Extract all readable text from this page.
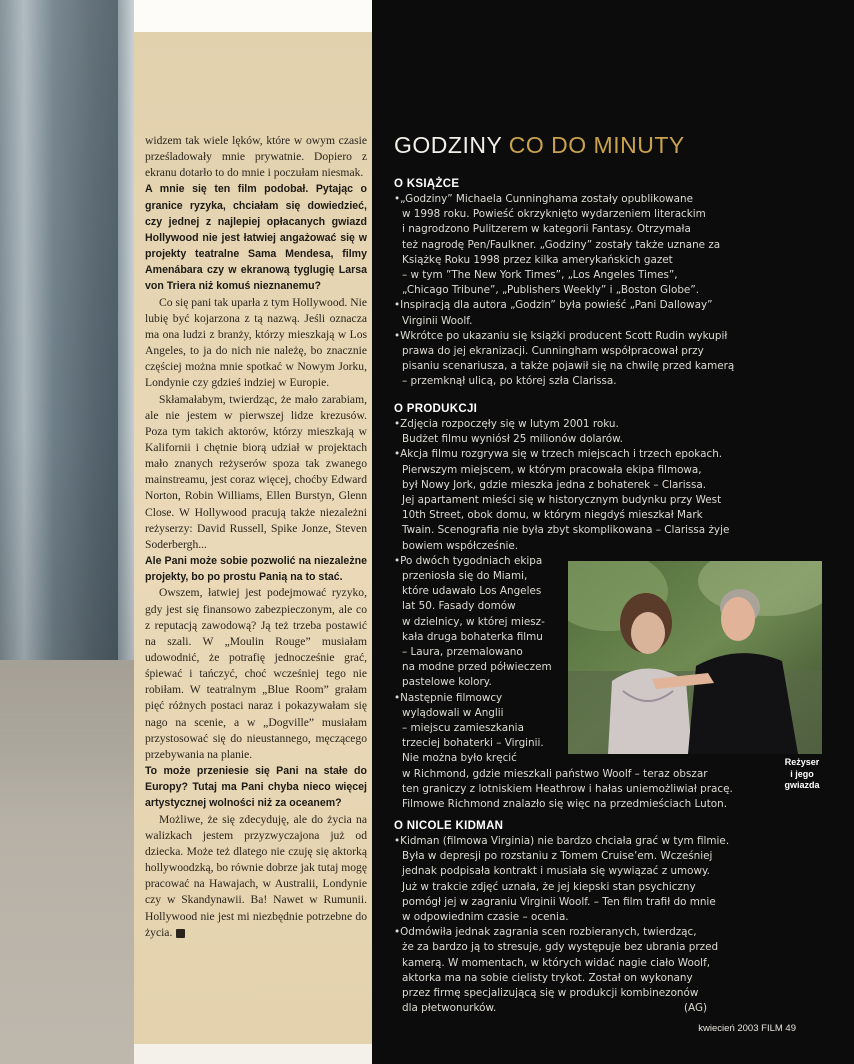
widzem tak wiele lęków, które w owym czasie prześladowały mnie prywatnie. Dopiero z ekranu dotarło to do mnie i poczułam niesmak.

A mnie się ten film podobał. Pytając o granice ryzyka, chciałam się dowiedzieć, czy jednej z najlepiej opłacanych gwiazd Hollywood nie jest łatwiej angażować się w projekty teatralne Sama Mendesa, filmy Amenábara czy w ekranową tyglugię Larsa von Triera niż komuś nieznanemu?

Co się pani tak uparła z tym Hollywood. Nie lubię być kojarzona z tą nazwą. Jeśli oznacza ma ona ludzi z branży, którzy mieszkają w Los Angeles, to ja do nich nie należę, bo znacznie częściej można mnie spotkać w Nowym Jorku, Londynie czy gdzieś indziej w Europie.

Skłamałabym, twierdząc, że mało zarabiam, ale nie jestem w pierwszej lidze krezusów. Poza tym takich aktorów, którzy mieszkają w Kalifornii i chętnie biorą udział w projektach mało znanych reżyserów spoza tak zwanego mainstreamu, jest coraz więcej, choćby Edward Norton, Robin Williams, Ellen Burstyn, Glenn Close. W Hollywood pracują także niezależni reżyserzy: David Russell, Spike Jonze, Steven Soderbergh...

Ale Pani może sobie pozwolić na niezależne projekty, bo po prostu Panią na to stać.

Owszem, łatwiej jest podejmować ryzyko, gdy jest się finansowo zabezpieczonym, ale co z reputacją zawodową? Ją też trzeba postawić na szali. W „Moulin Rouge” musiałam udowodnić, że potrafię jednocześnie grać, śpiewać i tańczyć, choć wcześniej tego nie robiłam. W teatralnym „Blue Room” grałam pięć różnych postaci naraz i pokazywałam się nago na scenie, a w „Dogville” musiałam przystosować się do nieustannego, męczącego przebywania na planie.

To może przeniesie się Pani na stałe do Europy? Tutaj ma Pani chyba nieco więcej artystycznej wolności niż za oceanem?

Możliwe, że się zdecyduję, ale do życia na walizkach jestem przyzwyczajona już od dziecka. Może też dlatego nie czuję się aktorką hollywoodzką, bo równie dobrze jak tutaj mogę pracować na Hawajach, w Australii, Londynie czy w Skandynawii. Ba! Nawet w Rumunii. Hollywood nie jest mi niezbędnie potrzebne do życia.

GODZINY CO DO MINUTY
O KSIĄŻCE
•„Godziny” Michaela Cunninghama zostały opublikowane
w 1998 roku. Powieść okrzyknięto wydarzeniem literackim
i nagrodzono Pulitzerem w kategorii Fantasy. Otrzymała
też nagrodę Pen/Faulkner. „Godziny” zostały także uznane za
Książkę Roku 1998 przez kilka amerykańskich gazet
– w tym ”The New York Times”, „Los Angeles Times”,
„Chicago Tribune”, „Publishers Weekly” i „Boston Globe”.
•Inspiracją dla autora „Godzin” była powieść „Pani Dalloway”
Virginii Woolf.
•Wkrótce po ukazaniu się książki producent Scott Rudin wykupił
prawa do jej ekranizacji. Cunningham współpracował przy
pisaniu scenariusza, a także pojawił się na chwilę przed kamerą
– przemknął ulicą, po której szła Clarissa.
O PRODUKCJI
•Zdjęcia rozpoczęły się w lutym 2001 roku.
Budżet filmu wyniósł 25 milionów dolarów.
•Akcja filmu rozgrywa się w trzech miejscach i trzech epokach.
Pierwszym miejscem, w którym pracowała ekipa filmowa,
był Nowy Jork, gdzie mieszka jedna z bohaterek – Clarissa.
Jej apartament mieści się w historycznym budynku przy West
10th Street, obok domu, w którym niegdyś mieszkał Mark
Twain. Scenografia nie była zbyt skomplikowana – Clarissa żyje
bowiem współcześnie.
•Po dwóch tygodniach ekipa
przeniosła się do Miami,
które udawało Los Angeles
lat 50. Fasady domów
w dzielnicy, w której miesz-
kała druga bohaterka filmu
– Laura, przemalowano
na modne przed półwieczem
pastelowe kolory.
•Następnie filmowcy
wylądowali w Anglii
– miejscu zamieszkania
trzeciej bohaterki – Virginii.
Nie można było kręcić
w Richmond, gdzie mieszkali państwo Woolf – teraz obszar
ten graniczy z lotniskiem Heathrow i hałas uniemożliwiał pracę.
Filmowe Richmond znalazło się więc na przedmieściach Luton.
Reżyser
i jego
gwiazda
O NICOLE KIDMAN
•Kidman (filmowa Virginia) nie bardzo chciała grać w tym filmie.
Była w depresji po rozstaniu z Tomem Cruise’em. Wcześniej
jednak podpisała kontrakt i musiała się wywiązać z umowy.
Już w trakcie zdjęć uznała, że jej kiepski stan psychiczny
pomógł jej w zagraniu Virginii Woolf. – Ten film trafił do mnie
w odpowiednim czasie – ocenia.
•Odmówiła jednak zagrania scen rozbieranych, twierdząc,
że za bardzo ją to stresuje, gdy występuje bez ubrania przed
kamerą. W momentach, w których widać nagie ciało Woolf,
aktorka ma na sobie cielisty trykot. Został on wykonany
przez firmę specjalizującą się w produkcji kombinezonów
dla płetwonurków.	(AG)
kwiecień 2003 FILM 49
